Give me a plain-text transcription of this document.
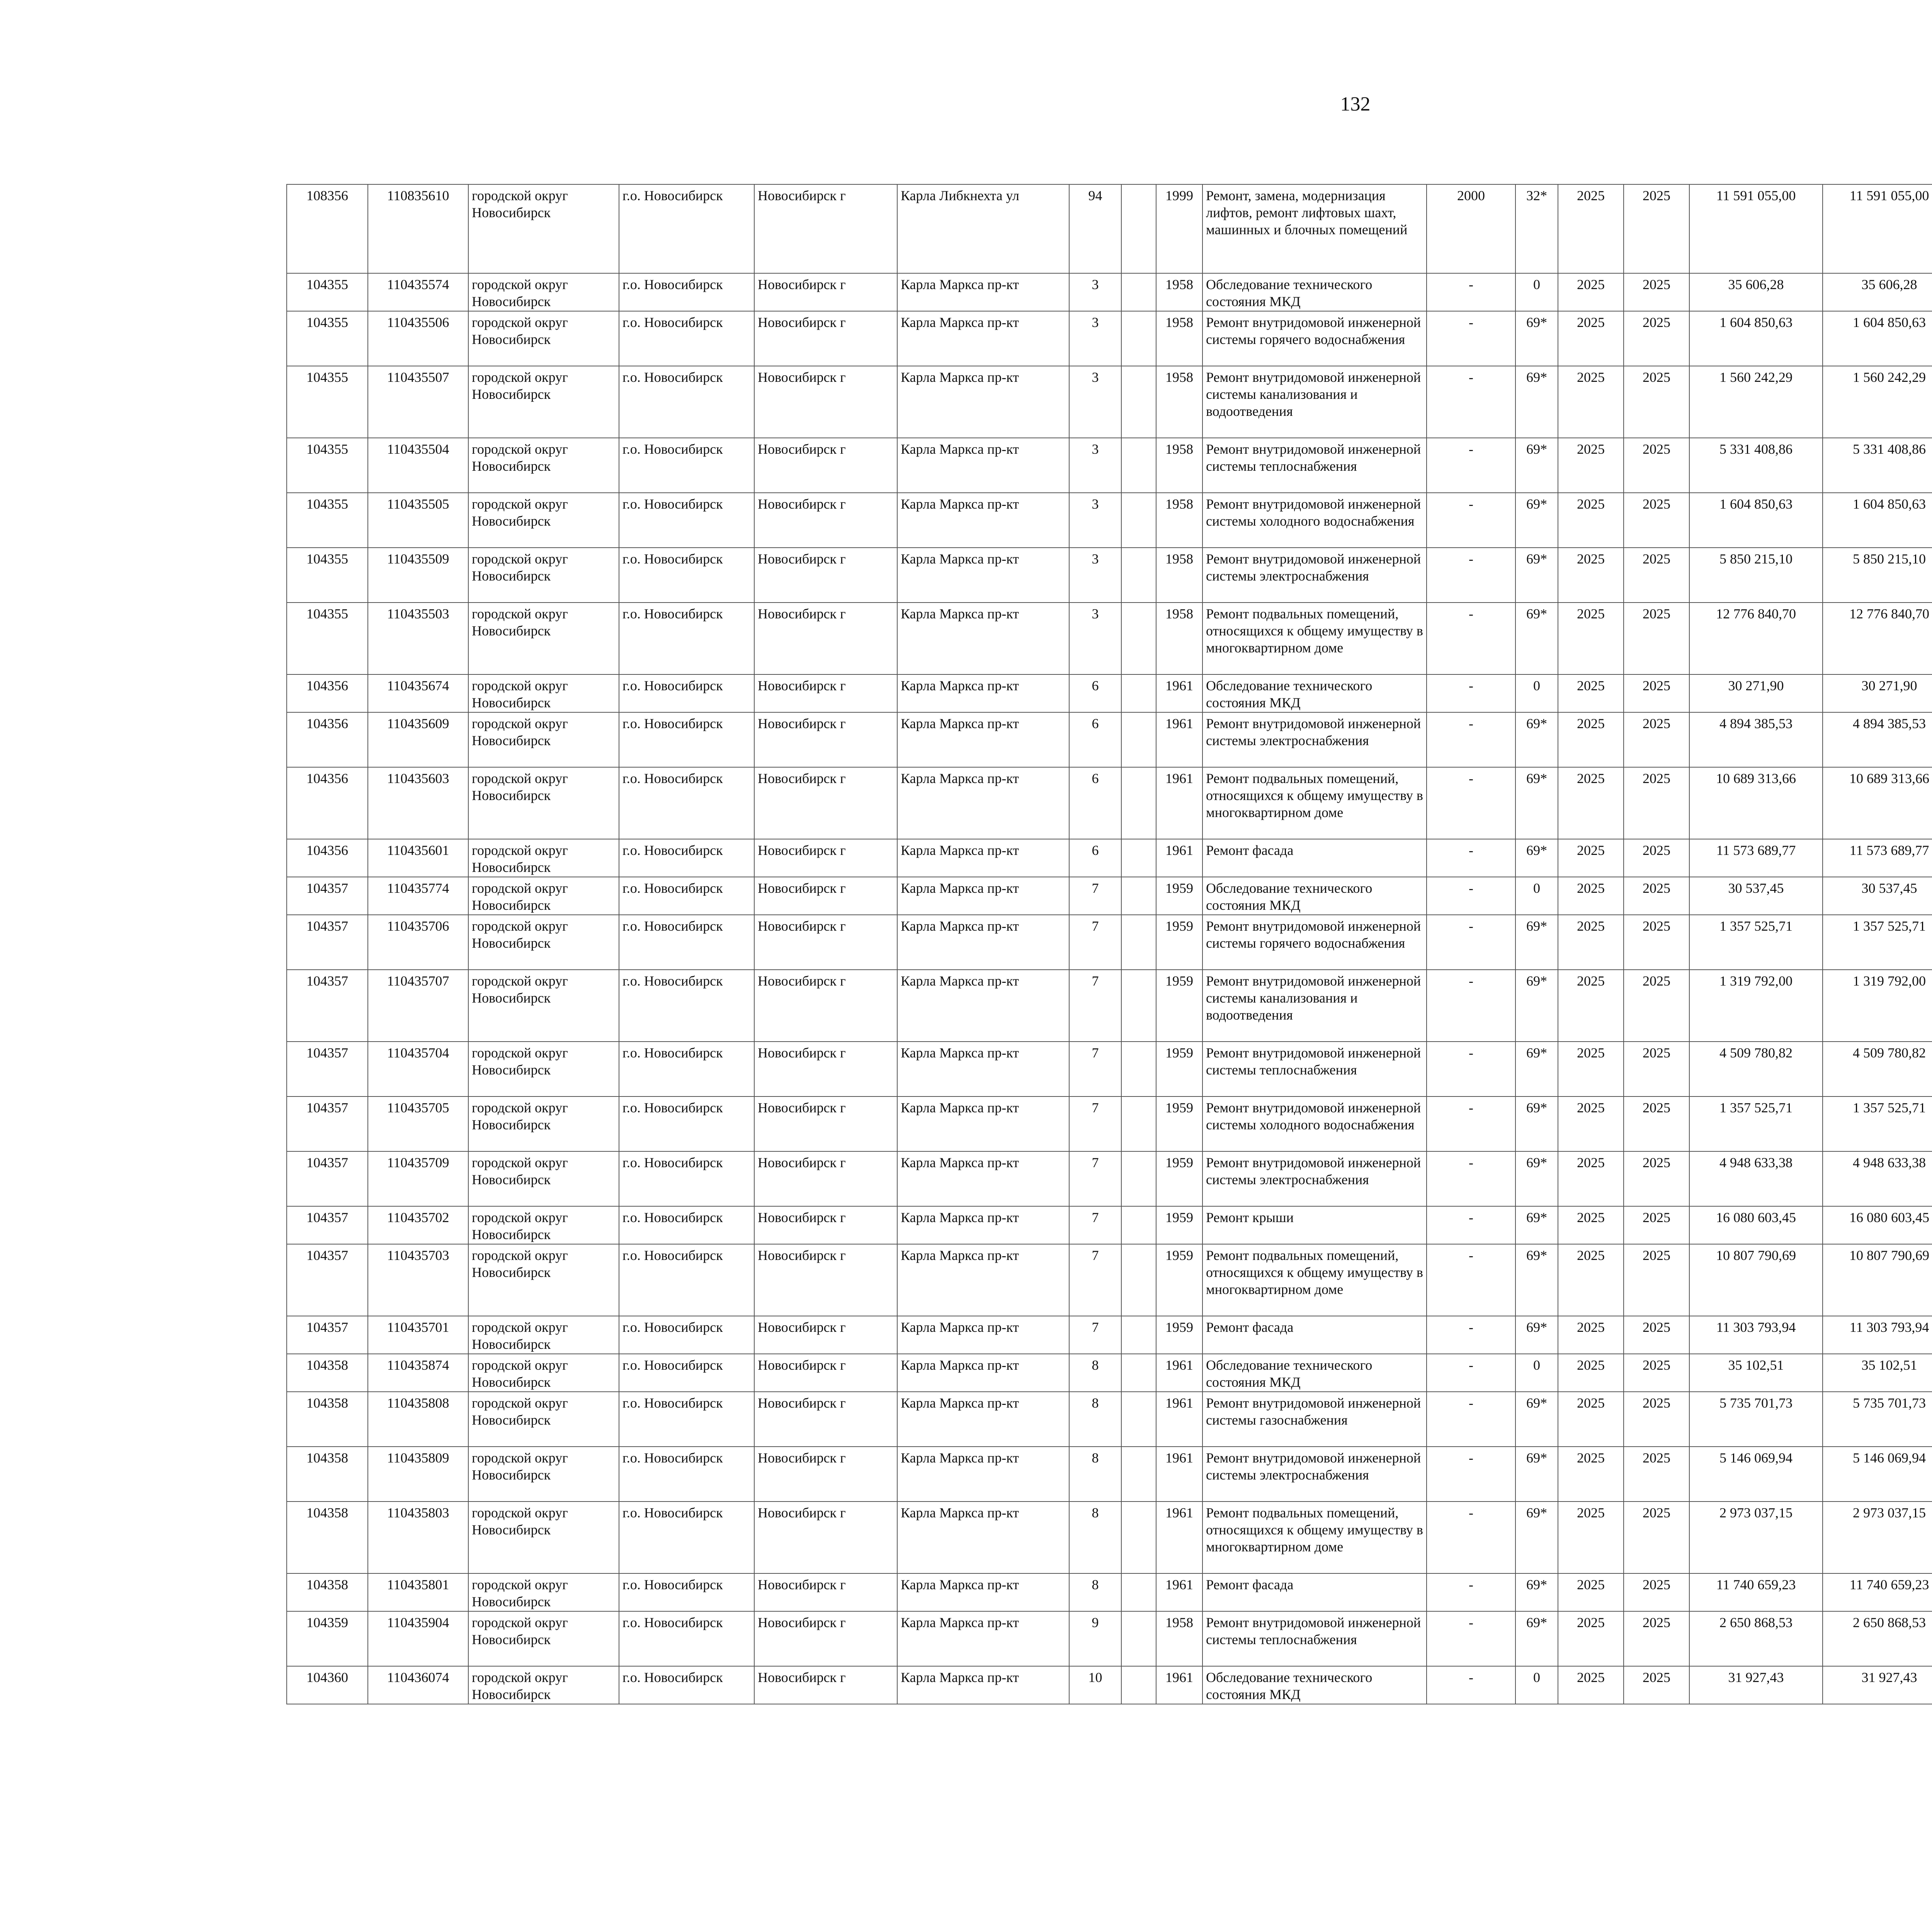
132
108356	110835610	городской округ Новосибирск	г.о. Новосибирск	Новосибирск г	Карла Либкнехта ул	94		1999	Ремонт, замена, модернизация лифтов, ремонт лифтовых шахт, машинных и блочных помещений	2000	32*	2025	2025	11 591 055,00	11 591 055,00						
104355	110435574	городской округ Новосибирск	г.о. Новосибирск	Новосибирск г	Карла Маркса пр-кт	3		1958	Обследование технического состояния МКД	-	0	2025	2025	35 606,28	35 606,28						
104355	110435506	городской округ Новосибирск	г.о. Новосибирск	Новосибирск г	Карла Маркса пр-кт	3		1958	Ремонт внутридомовой инженерной системы горячего водоснабжения	-	69*	2025	2025	1 604 850,63	1 604 850,63						
104355	110435507	городской округ Новосибирск	г.о. Новосибирск	Новосибирск г	Карла Маркса пр-кт	3		1958	Ремонт внутридомовой инженерной системы канализования и водоотведения	-	69*	2025	2025	1 560 242,29	1 560 242,29						
104355	110435504	городской округ Новосибирск	г.о. Новосибирск	Новосибирск г	Карла Маркса пр-кт	3		1958	Ремонт внутридомовой инженерной системы теплоснабжения	-	69*	2025	2025	5 331 408,86	5 331 408,86						
104355	110435505	городской округ Новосибирск	г.о. Новосибирск	Новосибирск г	Карла Маркса пр-кт	3		1958	Ремонт внутридомовой инженерной системы холодного водоснабжения	-	69*	2025	2025	1 604 850,63	1 604 850,63						
104355	110435509	городской округ Новосибирск	г.о. Новосибирск	Новосибирск г	Карла Маркса пр-кт	3		1958	Ремонт внутридомовой инженерной системы электроснабжения	-	69*	2025	2025	5 850 215,10	5 850 215,10						
104355	110435503	городской округ Новосибирск	г.о. Новосибирск	Новосибирск г	Карла Маркса пр-кт	3		1958	Ремонт подвальных помещений, относящихся к общему имуществу в многоквартирном доме	-	69*	2025	2025	12 776 840,70	12 776 840,70						
104356	110435674	городской округ Новосибирск	г.о. Новосибирск	Новосибирск г	Карла Маркса пр-кт	6		1961	Обследование технического состояния МКД	-	0	2025	2025	30 271,90	30 271,90						
104356	110435609	городской округ Новосибирск	г.о. Новосибирск	Новосибирск г	Карла Маркса пр-кт	6		1961	Ремонт внутридомовой инженерной системы электроснабжения	-	69*	2025	2025	4 894 385,53	4 894 385,53						
104356	110435603	городской округ Новосибирск	г.о. Новосибирск	Новосибирск г	Карла Маркса пр-кт	6		1961	Ремонт подвальных помещений, относящихся к общему имуществу в многоквартирном доме	-	69*	2025	2025	10 689 313,66	10 689 313,66						
104356	110435601	городской округ Новосибирск	г.о. Новосибирск	Новосибирск г	Карла Маркса пр-кт	6		1961	Ремонт фасада	-	69*	2025	2025	11 573 689,77	11 573 689,77						
104357	110435774	городской округ Новосибирск	г.о. Новосибирск	Новосибирск г	Карла Маркса пр-кт	7		1959	Обследование технического состояния МКД	-	0	2025	2025	30 537,45	30 537,45						
104357	110435706	городской округ Новосибирск	г.о. Новосибирск	Новосибирск г	Карла Маркса пр-кт	7		1959	Ремонт внутридомовой инженерной системы горячего водоснабжения	-	69*	2025	2025	1 357 525,71	1 357 525,71						
104357	110435707	городской округ Новосибирск	г.о. Новосибирск	Новосибирск г	Карла Маркса пр-кт	7		1959	Ремонт внутридомовой инженерной системы канализования и водоотведения	-	69*	2025	2025	1 319 792,00	1 319 792,00						
104357	110435704	городской округ Новосибирск	г.о. Новосибирск	Новосибирск г	Карла Маркса пр-кт	7		1959	Ремонт внутридомовой инженерной системы теплоснабжения	-	69*	2025	2025	4 509 780,82	4 509 780,82						
104357	110435705	городской округ Новосибирск	г.о. Новосибирск	Новосибирск г	Карла Маркса пр-кт	7		1959	Ремонт внутридомовой инженерной системы холодного водоснабжения	-	69*	2025	2025	1 357 525,71	1 357 525,71						
104357	110435709	городской округ Новосибирск	г.о. Новосибирск	Новосибирск г	Карла Маркса пр-кт	7		1959	Ремонт внутридомовой инженерной системы электроснабжения	-	69*	2025	2025	4 948 633,38	4 948 633,38						
104357	110435702	городской округ Новосибирск	г.о. Новосибирск	Новосибирск г	Карла Маркса пр-кт	7		1959	Ремонт крыши	-	69*	2025	2025	16 080 603,45	16 080 603,45						
104357	110435703	городской округ Новосибирск	г.о. Новосибирск	Новосибирск г	Карла Маркса пр-кт	7		1959	Ремонт подвальных помещений, относящихся к общему имуществу в многоквартирном доме	-	69*	2025	2025	10 807 790,69	10 807 790,69						
104357	110435701	городской округ Новосибирск	г.о. Новосибирск	Новосибирск г	Карла Маркса пр-кт	7		1959	Ремонт фасада	-	69*	2025	2025	11 303 793,94	11 303 793,94						
104358	110435874	городской округ Новосибирск	г.о. Новосибирск	Новосибирск г	Карла Маркса пр-кт	8		1961	Обследование технического состояния МКД	-	0	2025	2025	35 102,51	35 102,51						
104358	110435808	городской округ Новосибирск	г.о. Новосибирск	Новосибирск г	Карла Маркса пр-кт	8		1961	Ремонт внутридомовой инженерной системы газоснабжения	-	69*	2025	2025	5 735 701,73	5 735 701,73						
104358	110435809	городской округ Новосибирск	г.о. Новосибирск	Новосибирск г	Карла Маркса пр-кт	8		1961	Ремонт внутридомовой инженерной системы электроснабжения	-	69*	2025	2025	5 146 069,94	5 146 069,94						
104358	110435803	городской округ Новосибирск	г.о. Новосибирск	Новосибирск г	Карла Маркса пр-кт	8		1961	Ремонт подвальных помещений, относящихся к общему имуществу в многоквартирном доме	-	69*	2025	2025	2 973 037,15	2 973 037,15						
104358	110435801	городской округ Новосибирск	г.о. Новосибирск	Новосибирск г	Карла Маркса пр-кт	8		1961	Ремонт фасада	-	69*	2025	2025	11 740 659,23	11 740 659,23						
104359	110435904	городской округ Новосибирск	г.о. Новосибирск	Новосибирск г	Карла Маркса пр-кт	9		1958	Ремонт внутридомовой инженерной системы теплоснабжения	-	69*	2025	2025	2 650 868,53	2 650 868,53						
104360	110436074	городской округ Новосибирск	г.о. Новосибирск	Новосибирск г	Карла Маркса пр-кт	10		1961	Обследование технического состояния МКД	-	0	2025	2025	31 927,43	31 927,43						
